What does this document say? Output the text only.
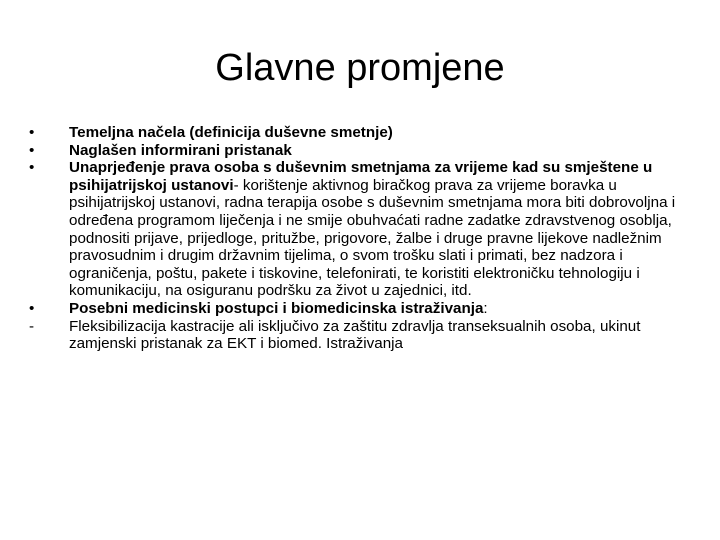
Glavne promjene
•	Temeljna načela (definicija duševne smetnje)
•	Naglašen informirani pristanak
•	Unaprjeđenje prava osoba s duševnim smetnjama za vrijeme kad su smještene u psihijatrijskoj ustanovi- korištenje aktivnog biračkog prava za vrijeme boravka u psihijatrijskoj ustanovi, radna terapija osobe s duševnim smetnjama mora biti dobrovoljna i određena programom liječenja i ne smije obuhvaćati radne zadatke zdravstvenog osoblja, podnositi prijave, prijedloge, pritužbe, prigovore, žalbe i druge pravne lijekove nadležnim pravosudnim i drugim državnim tijelima, o svom trošku slati i primati, bez nadzora i ograničenja, poštu, pakete i tiskovine, telefonirati, te koristiti elektroničku tehnologiju i komunikaciju, na osiguranu podršku za život u zajednici, itd.
•	Posebni medicinski postupci i biomedicinska istraživanja:
-	Fleksibilizacija kastracije ali isključivo za zaštitu zdravlja transeksualnih osoba, ukinut zamjenski pristanak za EKT i biomed. Istraživanja
